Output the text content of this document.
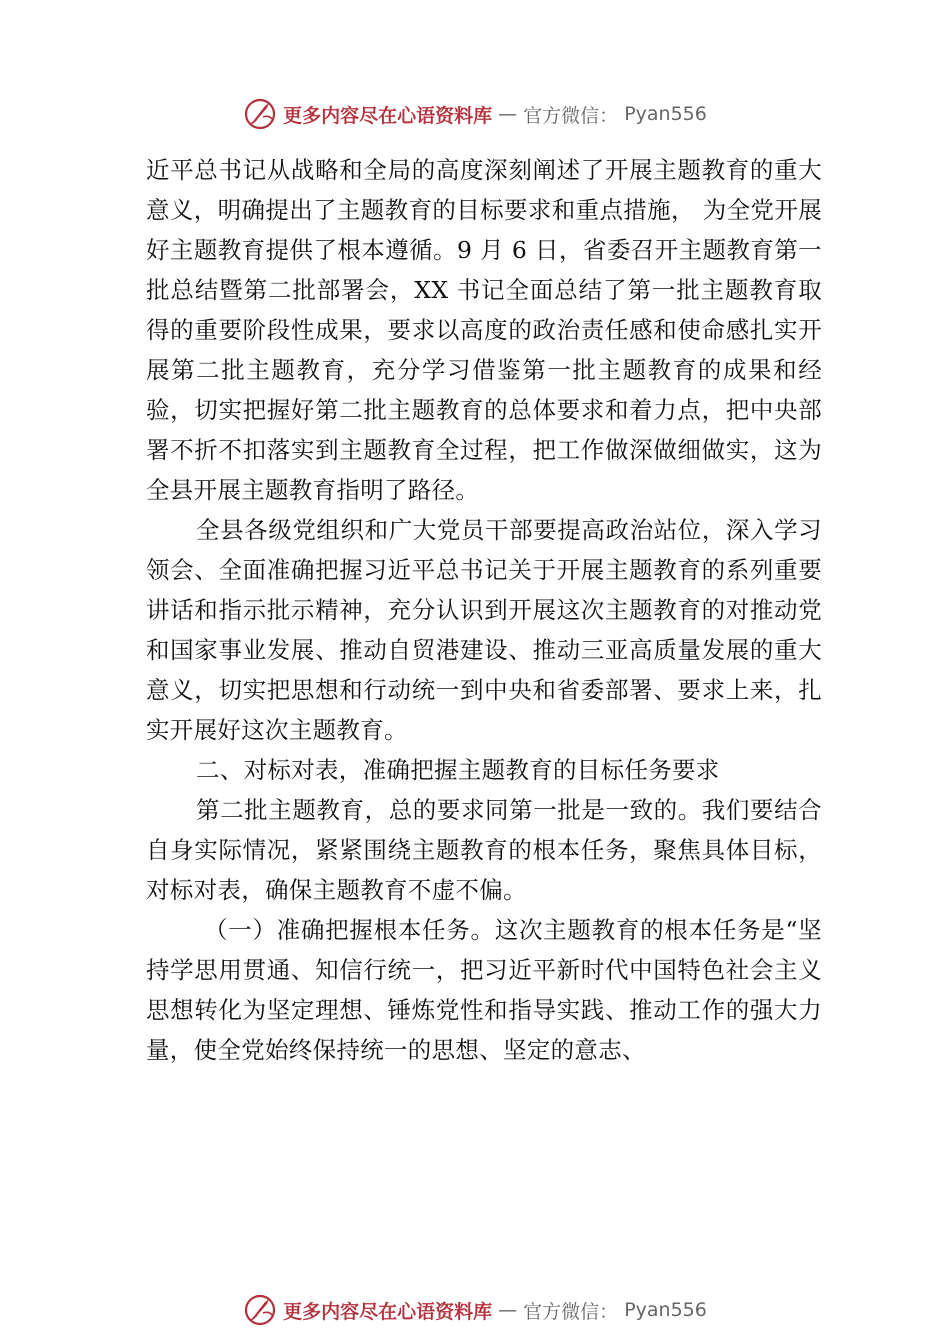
更多内容尽在心语资料库 — 官方微信： Pyan556

近平总书记从战略和全局的高度深刻阐述了开展主题教育的重大意义，明确提出了主题教育的目标要求和重点措施， 为全党开展好主题教育提供了根本遵循。9 月 6 日，省委召开主题教育第一批总结暨第二批部署会，XX 书记全面总结了第一批主题教育取得的重要阶段性成果，要求以高度的政治责任感和使命感扎实开展第二批主题教育，充分学习借鉴第一批主题教育的成果和经验，切实把握好第二批主题教育的总体要求和着力点，把中央部署不折不扣落实到主题教育全过程，把工作做深做细做实，这为全县开展主题教育指明了路径。

全县各级党组织和广大党员干部要提高政治站位，深入学习领会、全面准确把握习近平总书记关于开展主题教育的系列重要讲话和指示批示精神，充分认识到开展这次主题教育的对推动党和国家事业发展、推动自贸港建设、推动三亚高质量发展的重大意义，切实把思想和行动统一到中央和省委部署、要求上来，扎实开展好这次主题教育。

二、对标对表，准确把握主题教育的目标任务要求

第二批主题教育，总的要求同第一批是一致的。我们要结合自身实际情况，紧紧围绕主题教育的根本任务，聚焦具体目标，对标对表，确保主题教育不虚不偏。

（一）准确把握根本任务。这次主题教育的根本任务是“坚持学思用贯通、知信行统一，把习近平新时代中国特色社会主义思想转化为坚定理想、锤炼党性和指导实践、推动工作的强大力量，使全党始终保持统一的思想、坚定的意志、

更多内容尽在心语资料库 — 官方微信： Pyan556
